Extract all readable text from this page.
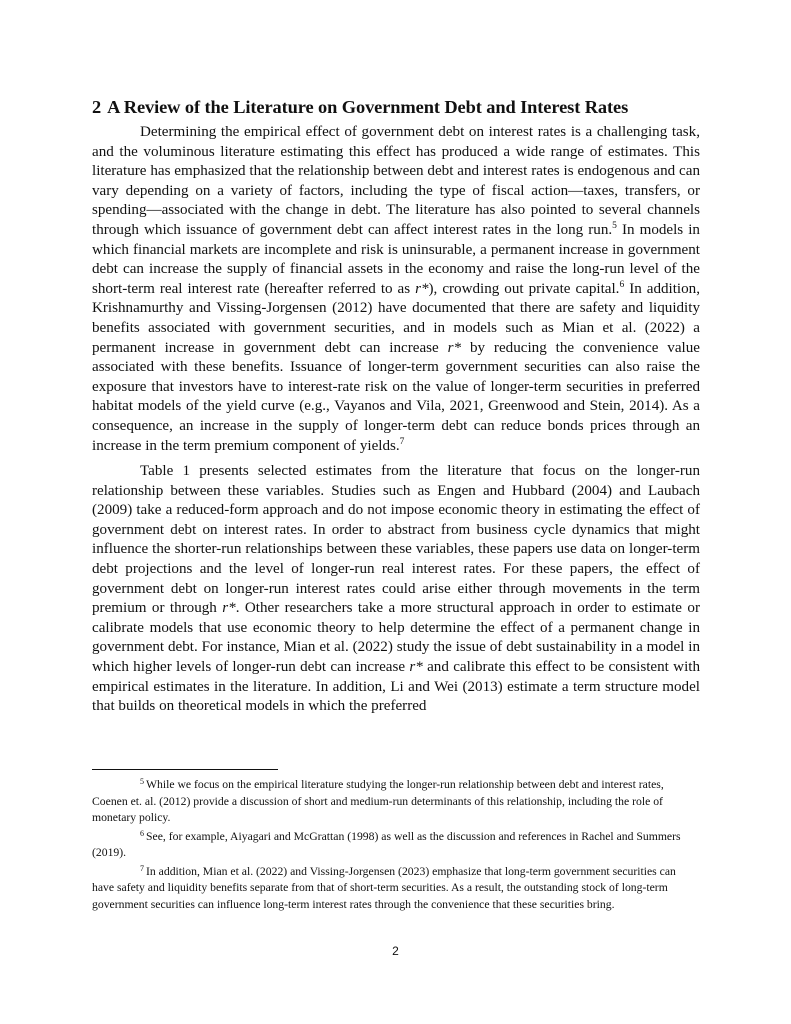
2 A Review of the Literature on Government Debt and Interest Rates

Determining the empirical effect of government debt on interest rates is a challenging task, and the voluminous literature estimating this effect has produced a wide range of estimates. This literature has emphasized that the relationship between debt and interest rates is endogenous and can vary depending on a variety of factors, including the type of fiscal action—taxes, transfers, or spending—associated with the change in debt. The literature has also pointed to several channels through which issuance of government debt can affect interest rates in the long run.$^5$ In models in which financial markets are incomplete and risk is uninsurable, a permanent increase in government debt can increase the supply of financial assets in the economy and raise the long-run level of the short-term real interest rate (hereafter referred to as r*), crowding out private capital.$^6$ In addition, Krishnamurthy and Vissing-Jorgensen (2012) have documented that there are safety and liquidity benefits associated with government securities, and in models such as Mian et al. (2022) a permanent increase in government debt can increase r* by reducing the convenience value associated with these benefits. Issuance of longer-term government securities can also raise the exposure that investors have to interest-rate risk on the value of longer-term securities in preferred habitat models of the yield curve (e.g., Vayanos and Vila, 2021, Greenwood and Stein, 2014). As a consequence, an increase in the supply of longer-term debt can reduce bonds prices through an increase in the term premium component of yields.$^7$

Table 1 presents selected estimates from the literature that focus on the longer-run relationship between these variables. Studies such as Engen and Hubbard (2004) and Laubach (2009) take a reduced-form approach and do not impose economic theory in estimating the effect of government debt on interest rates. In order to abstract from business cycle dynamics that might influence the shorter-run relationships between these variables, these papers use data on longer-term debt projections and the level of longer-run real interest rates. For these papers, the effect of government debt on longer-run interest rates could arise either through movements in the term premium or through r*. Other researchers take a more structural approach in order to estimate or calibrate models that use economic theory to help determine the effect of a permanent change in government debt. For instance, Mian et al. (2022) study the issue of debt sustainability in a model in which higher levels of longer-run debt can increase r* and calibrate this effect to be consistent with empirical estimates in the literature. In addition, Li and Wei (2013) estimate a term structure model that builds on theoretical models in which the preferred

$^5$ While we focus on the empirical literature studying the longer-run relationship between debt and interest rates, Coenen et. al. (2012) provide a discussion of short and medium-run determinants of this relationship, including the role of monetary policy.

$^6$ See, for example, Aiyagari and McGrattan (1998) as well as the discussion and references in Rachel and Summers (2019).

$^7$ In addition, Mian et al. (2022) and Vissing-Jorgensen (2023) emphasize that long-term government securities can have safety and liquidity benefits separate from that of short-term securities. As a result, the outstanding stock of long-term government securities can influence long-term interest rates through the convenience that these securities bring.

2
